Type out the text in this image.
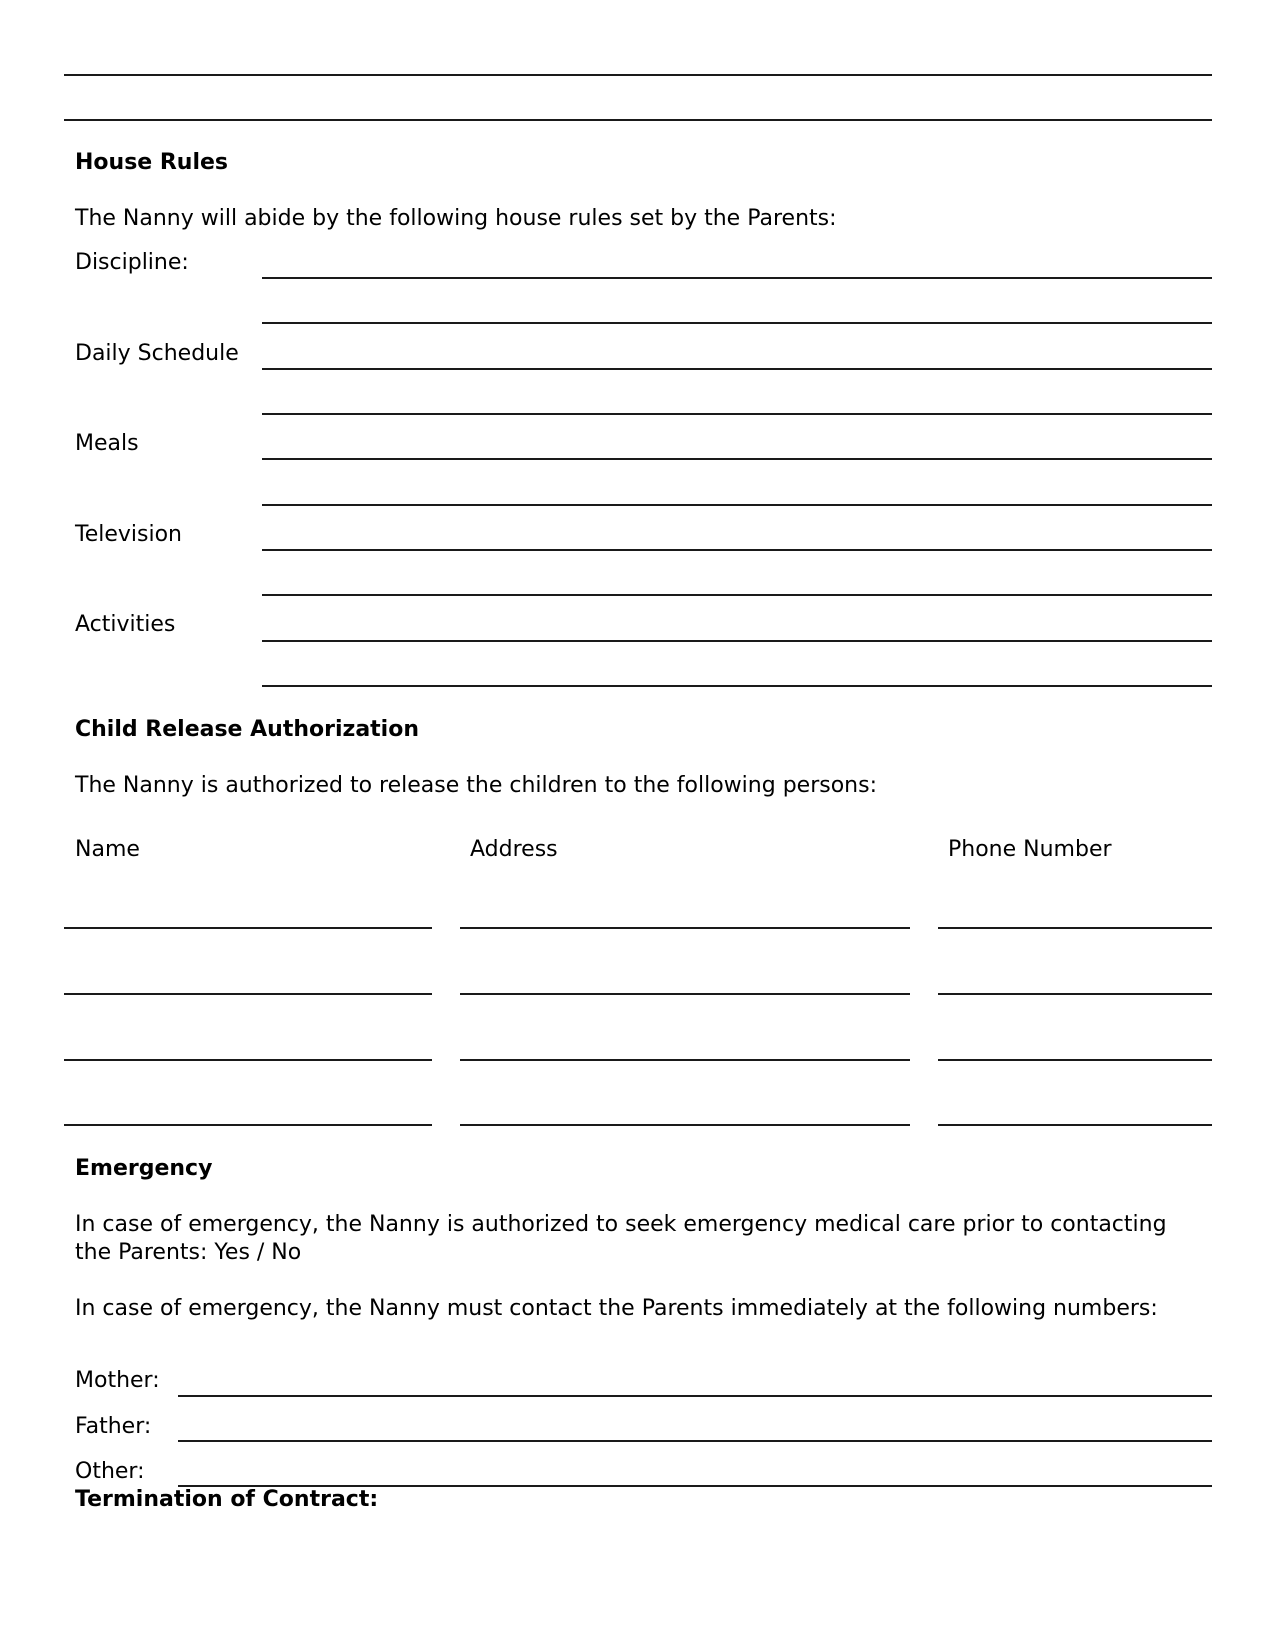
House Rules
The Nanny will abide by the following house rules set by the Parents:
Discipline:
Daily Schedule
Meals
Television
Activities
Child Release Authorization
The Nanny is authorized to release the children to the following persons:
Name	Address	Phone Number
Emergency
In case of emergency, the Nanny is authorized to seek emergency medical care prior to contacting the Parents: Yes / No
In case of emergency, the Nanny must contact the Parents immediately at the following numbers:
Mother:
Father:
Other:
Termination of Contract:
